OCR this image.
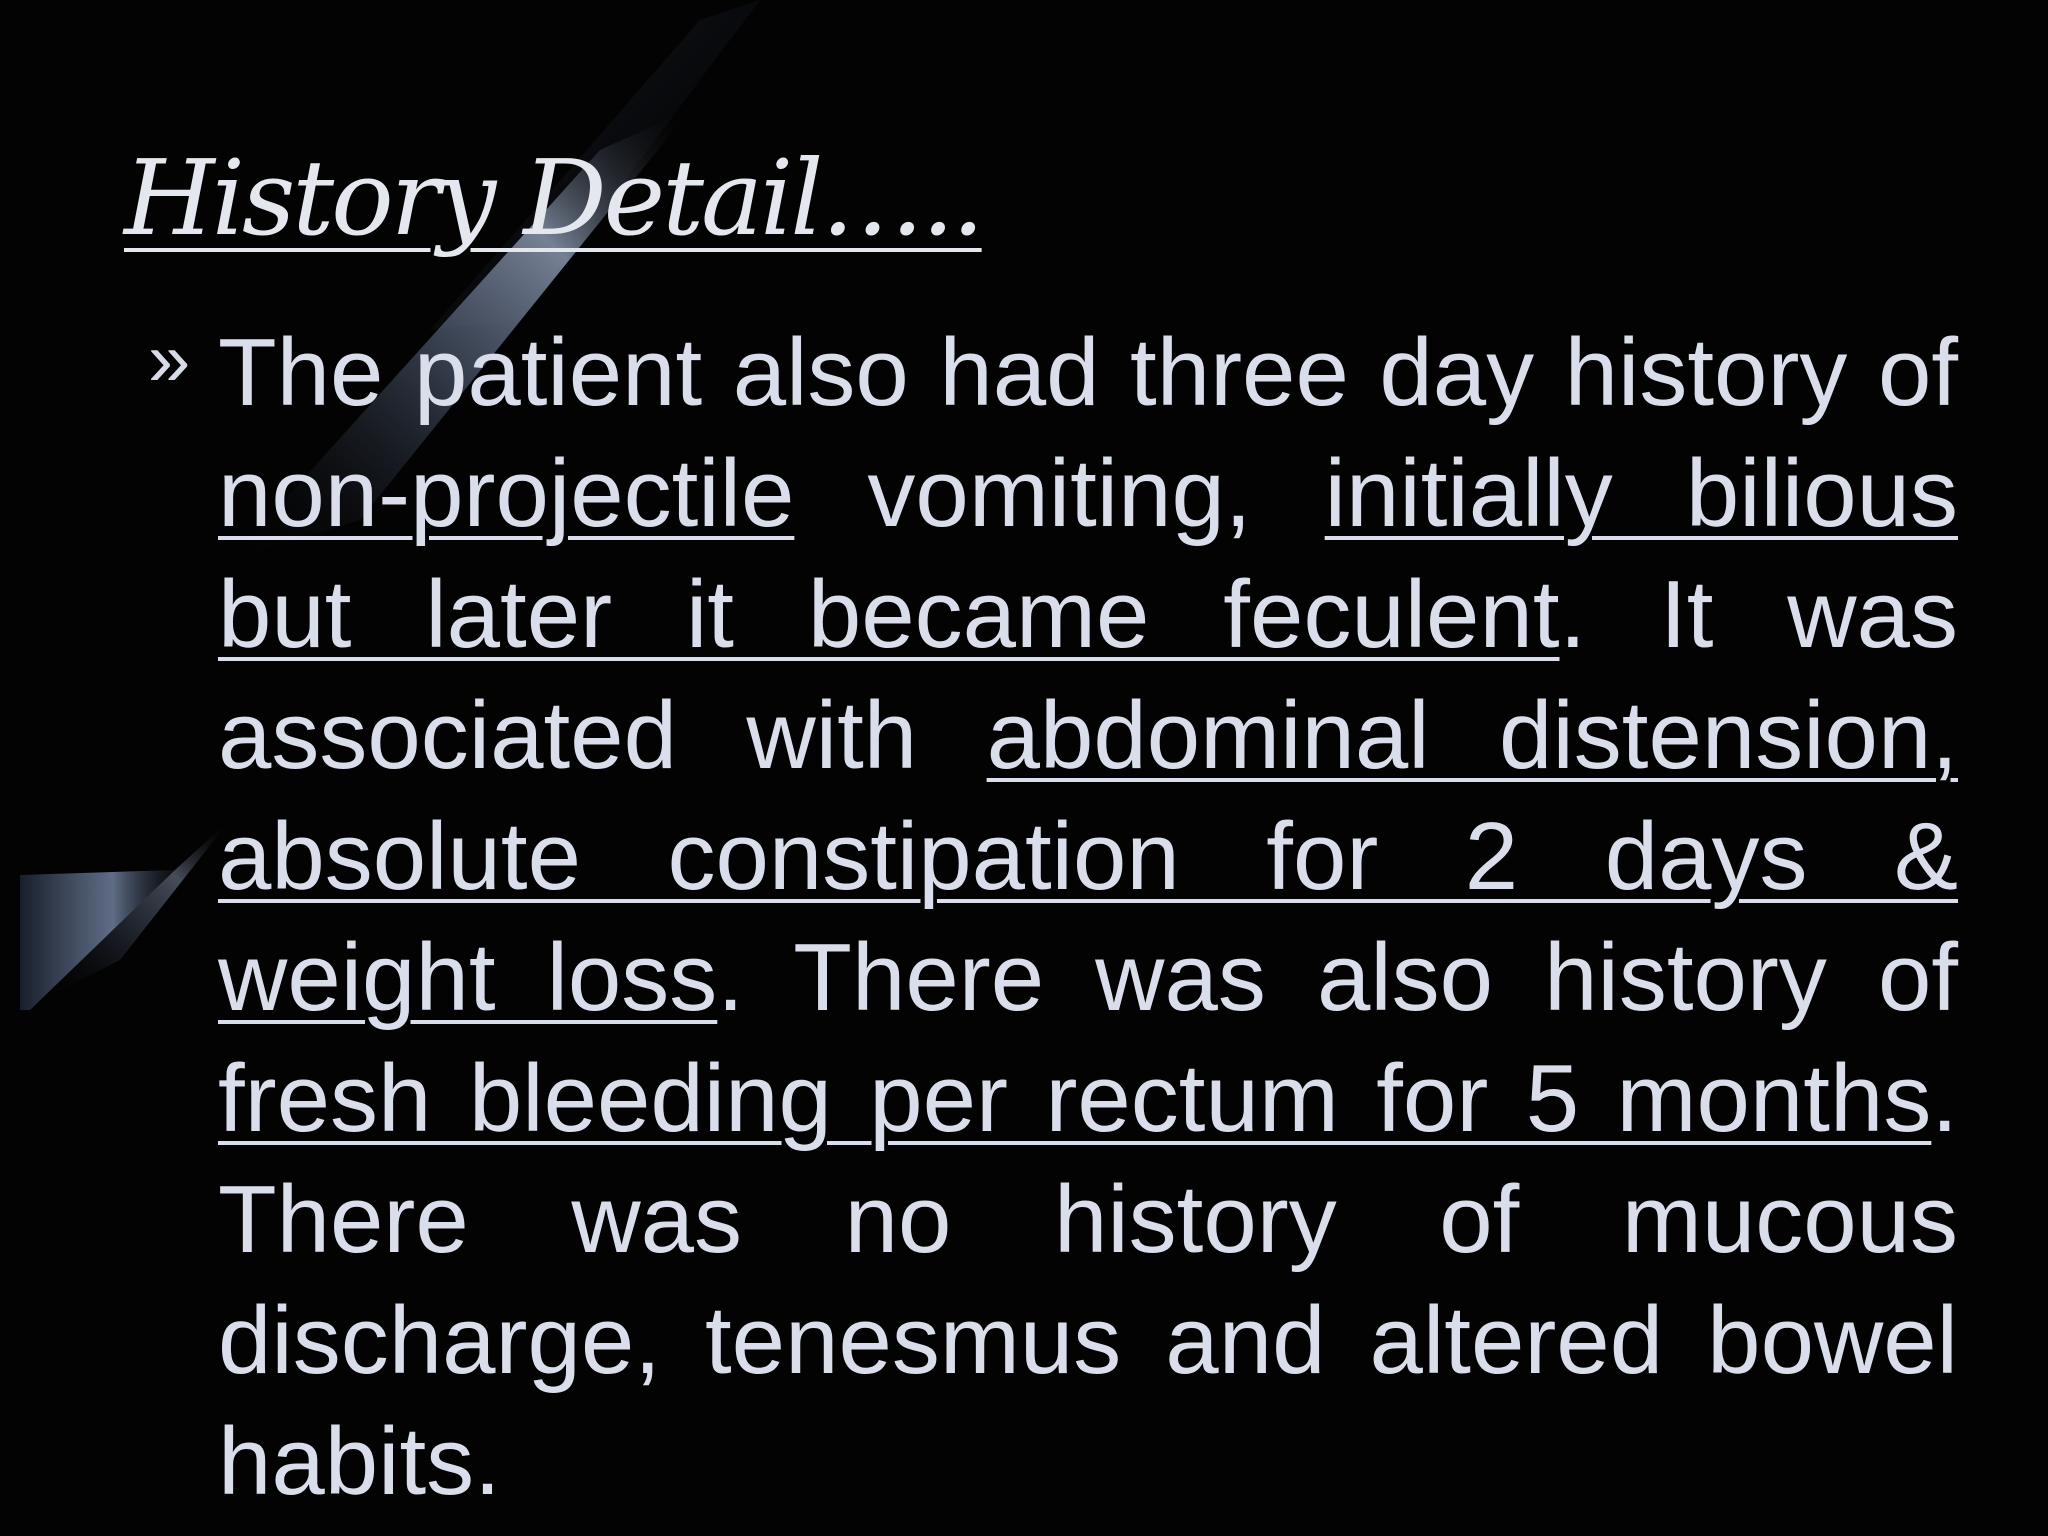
History Detail…..
» The patient also had three day history of non-projectile vomiting, initially bilious but later it became feculent. It was associated with abdominal distension, absolute constipation for 2 days & weight loss. There was also history of fresh bleeding per rectum for 5 months. There was no history of mucous discharge, tenesmus and altered bowel habits.
